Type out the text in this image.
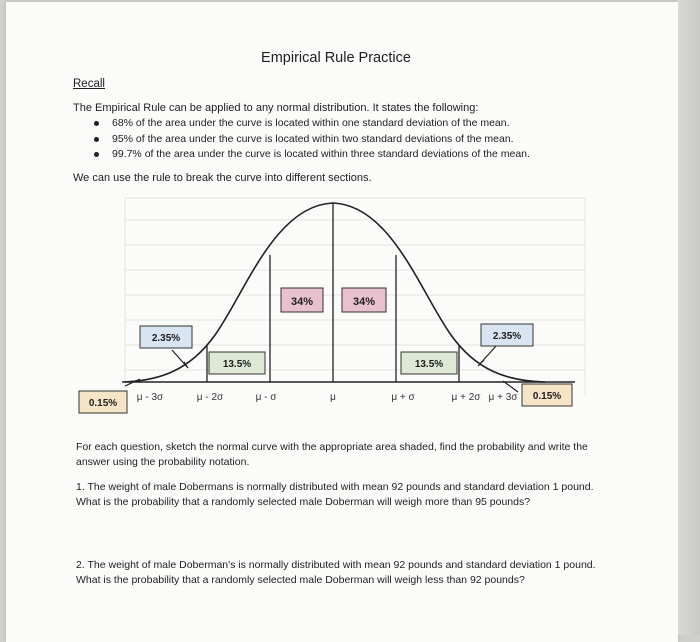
Empirical Rule Practice
Recall
The Empirical Rule can be applied to any normal distribution. It states the following:
68% of the area under the curve is located within one standard deviation of the mean.
95% of the area under the curve is located within two standard deviations of the mean.
99.7% of the area under the curve is located within three standard deviations of the mean.
We can use the rule to break the curve into different sections.
34%	34%
13.5%	13.5%
2.35%	2.35%
0.15%
0.15%
μ - 3σ	μ - 2σ	μ - σ	μ	μ + σ	μ + 2σ μ + 3σ
For each question, sketch the normal curve with the appropriate area shaded, find the probability and write the answer using the probability notation.
1. The weight of male Dobermans is normally distributed with mean 92 pounds and standard deviation 1 pound. What is the probability that a randomly selected male Doberman will weigh more than 95 pounds?
2. The weight of male Doberman's is normally distributed with mean 92 pounds and standard deviation 1 pound. What is the probability that a randomly selected male Doberman will weigh less than 92 pounds?
